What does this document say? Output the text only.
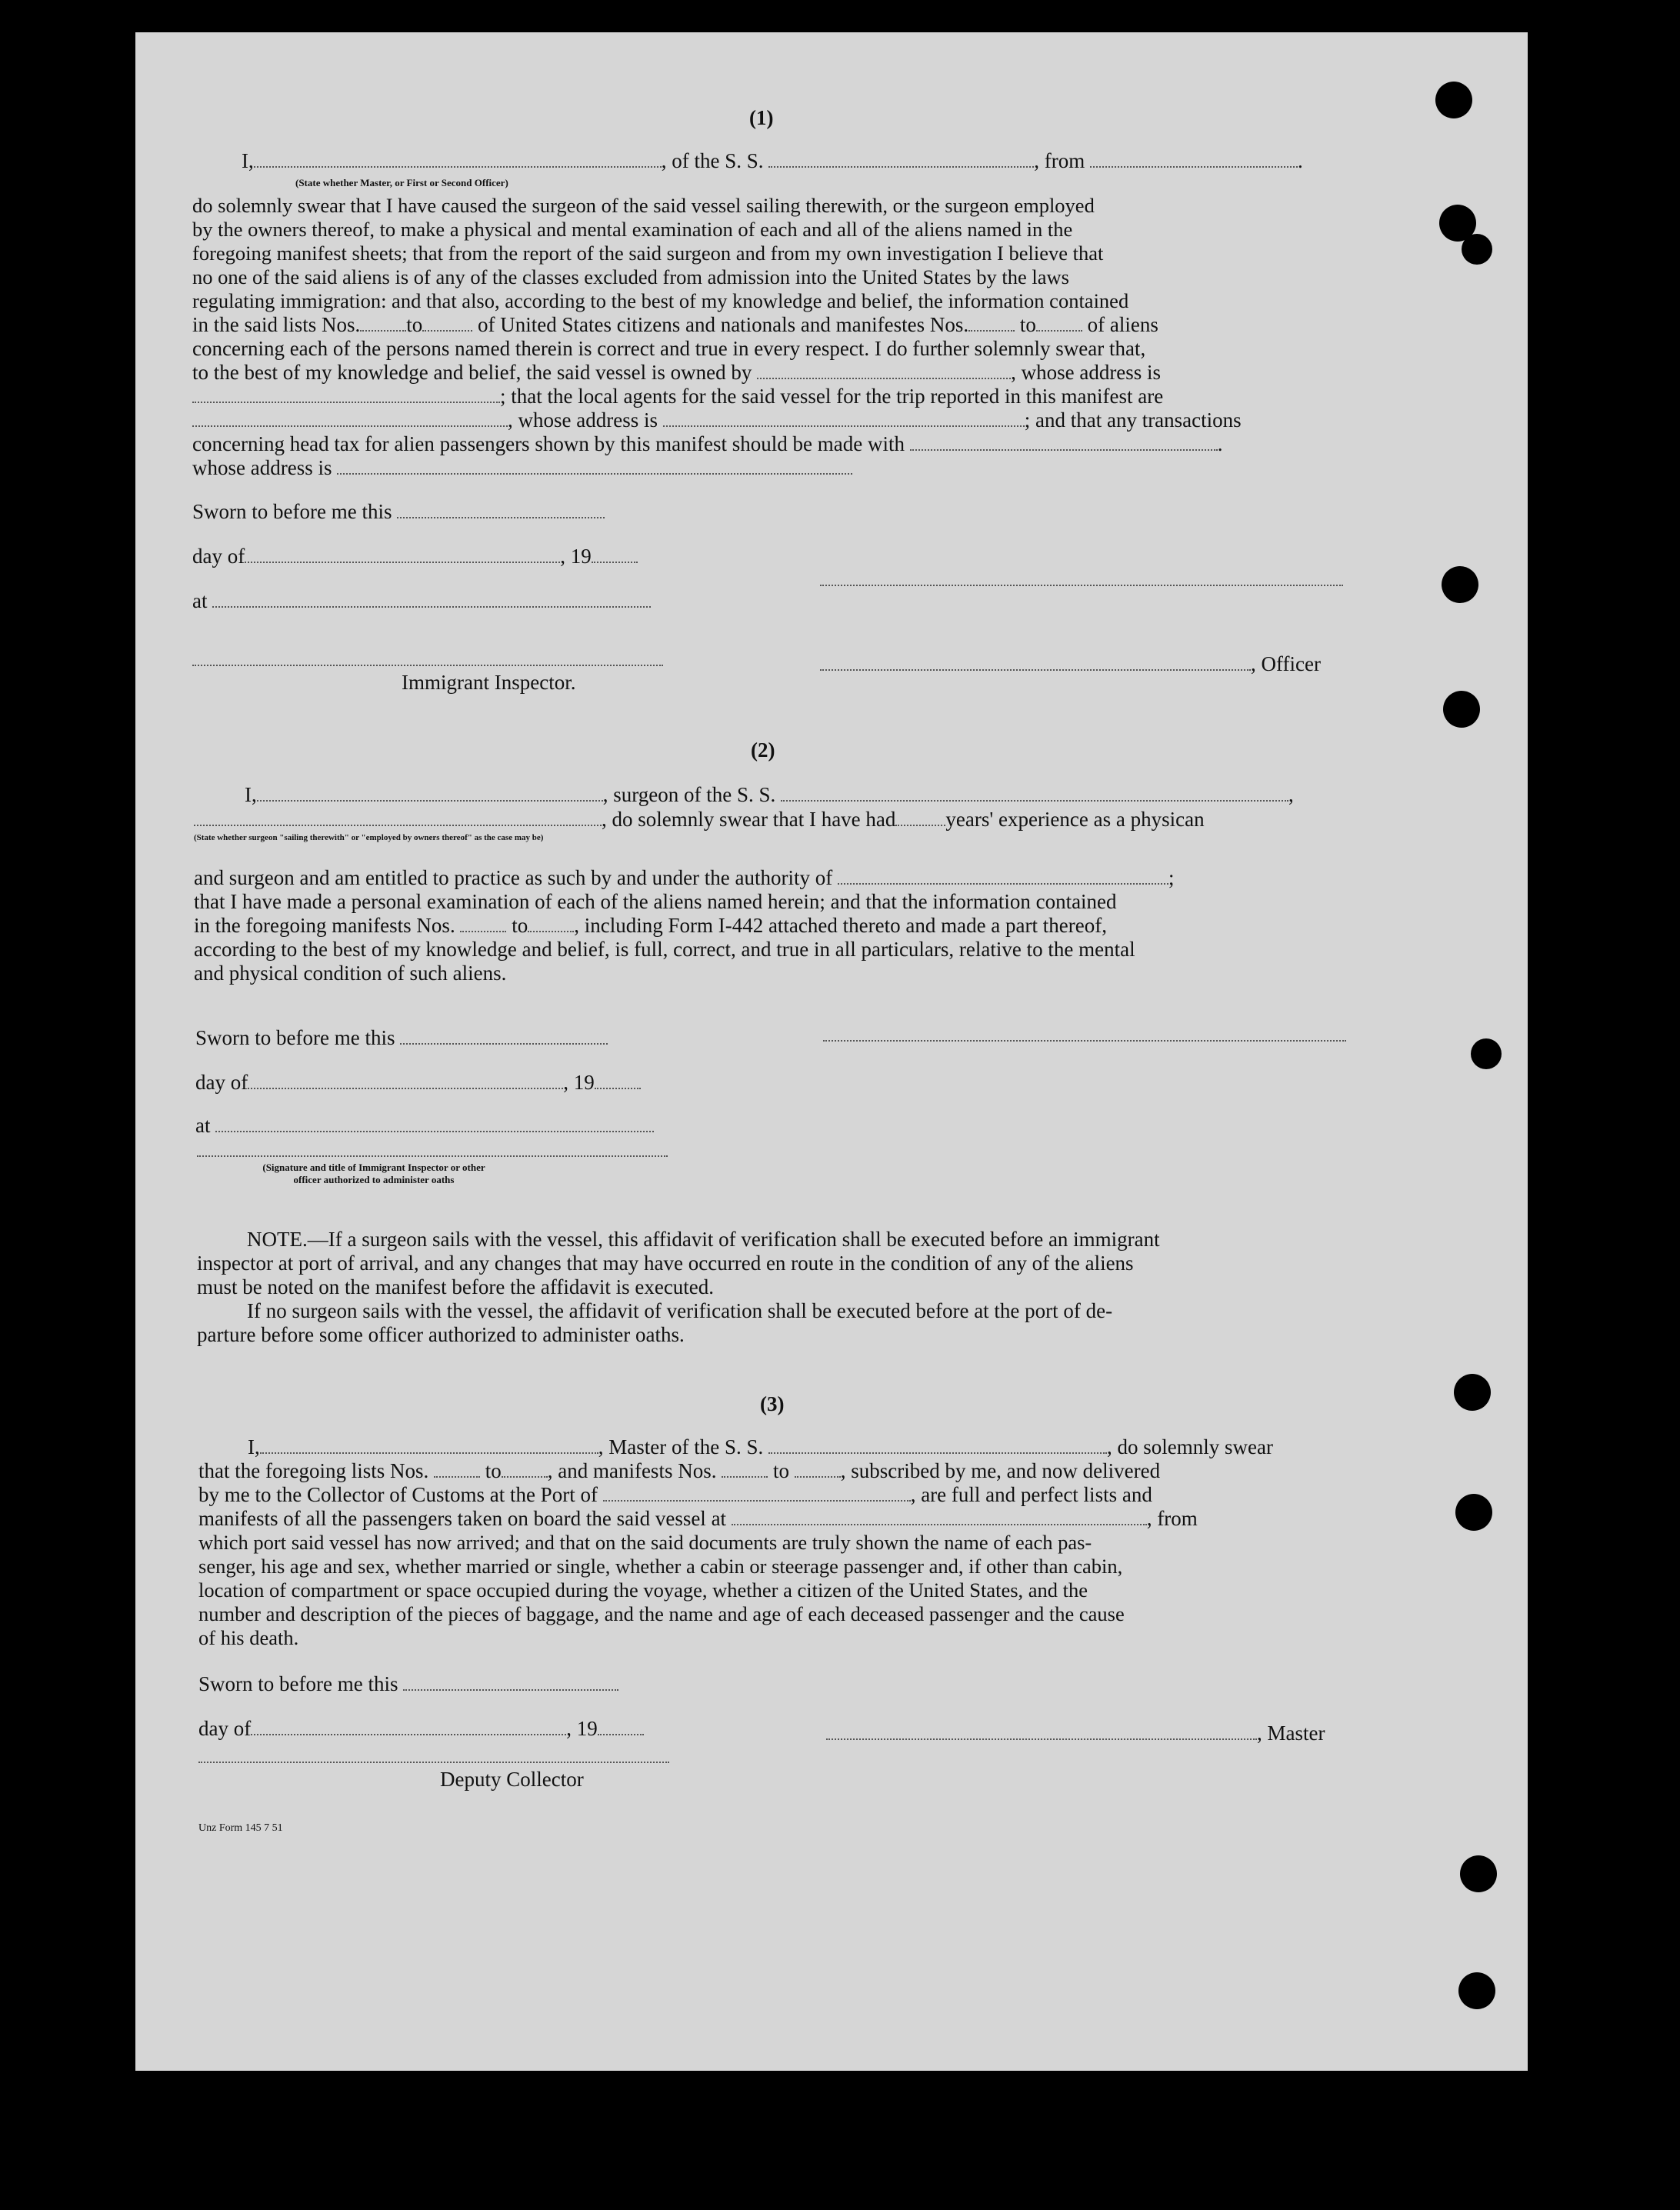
(1)
I,	, of the S. S.	, from	.
(State whether Master, or First or Second Officer)
do solemnly swear that I have caused the surgeon of the said vessel sailing therewith, or the surgeon employed
by the owners thereof, to make a physical and mental examination of each and all of the aliens named in the
foregoing manifest sheets; that from the report of the said surgeon and from my own investigation I believe that
no one of the said aliens is of any of the classes excluded from admission into the United States by the laws
regulating immigration: and that also, according to the best of my knowledge and belief, the information contained
in the said lists Nos. to	of United States citizens and nationals and manifestes Nos. to of aliens
concerning each of the persons named therein is correct and true in every respect. I do further solemnly swear that,
to the best of my knowledge and belief, the said vessel is owned by	, whose address is
; that the local agents for the said vessel for the trip reported in this manifest are
, whose address is	; and that any transactions
concerning head tax for alien passengers shown by this manifest should be made with	.
whose address is
Sworn to before me this
day of	, 19
at
, Officer
Immigrant Inspector.
(2)
I,	, surgeon of the S. S.	,
, do solemnly swear that I have had years' experience as a physican
(State whether surgeon "sailing therewith" or "employed by owners thereof" as the case may be)
and surgeon and am entitled to practice as such by and under the authority of	;
that I have made a personal examination of each of the aliens named herein; and that the information contained
in the foregoing manifests Nos.	to , including Form I-442 attached thereto and made a part thereof,
according to the best of my knowledge and belief, is full, correct, and true in all particulars, relative to the mental
and physical condition of such aliens.
Sworn to before me this
day of	, 19
at
(Signature and title of Immigrant Inspector or other
officer authorized to administer oaths
NOTE.—If a surgeon sails with the vessel, this affidavit of verification shall be executed before an immigrant
inspector at port of arrival, and any changes that may have occurred en route in the condition of any of the aliens
must be noted on the manifest before the affidavit is executed.
If no surgeon sails with the vessel, the affidavit of verification shall be executed before at the port of de-
parture before some officer authorized to administer oaths.
(3)
I,	, Master of the S. S.	, do solemnly swear
that the foregoing lists Nos.	to , and manifests Nos.	to , subscribed by me, and now delivered
by me to the Collector of Customs at the Port of	, are full and perfect lists and
manifests of all the passengers taken on board the said vessel at	, from
which port said vessel has now arrived; and that on the said documents are truly shown the name of each pas-
senger, his age and sex, whether married or single, whether a cabin or steerage passenger and, if other than cabin,
location of compartment or space occupied during the voyage, whether a citizen of the United States, and the
number and description of the pieces of baggage, and the name and age of each deceased passenger and the cause
of his death.
Sworn to before me this
day of	, 19	, Master
Deputy Collector
Unz Form 145 7 51
